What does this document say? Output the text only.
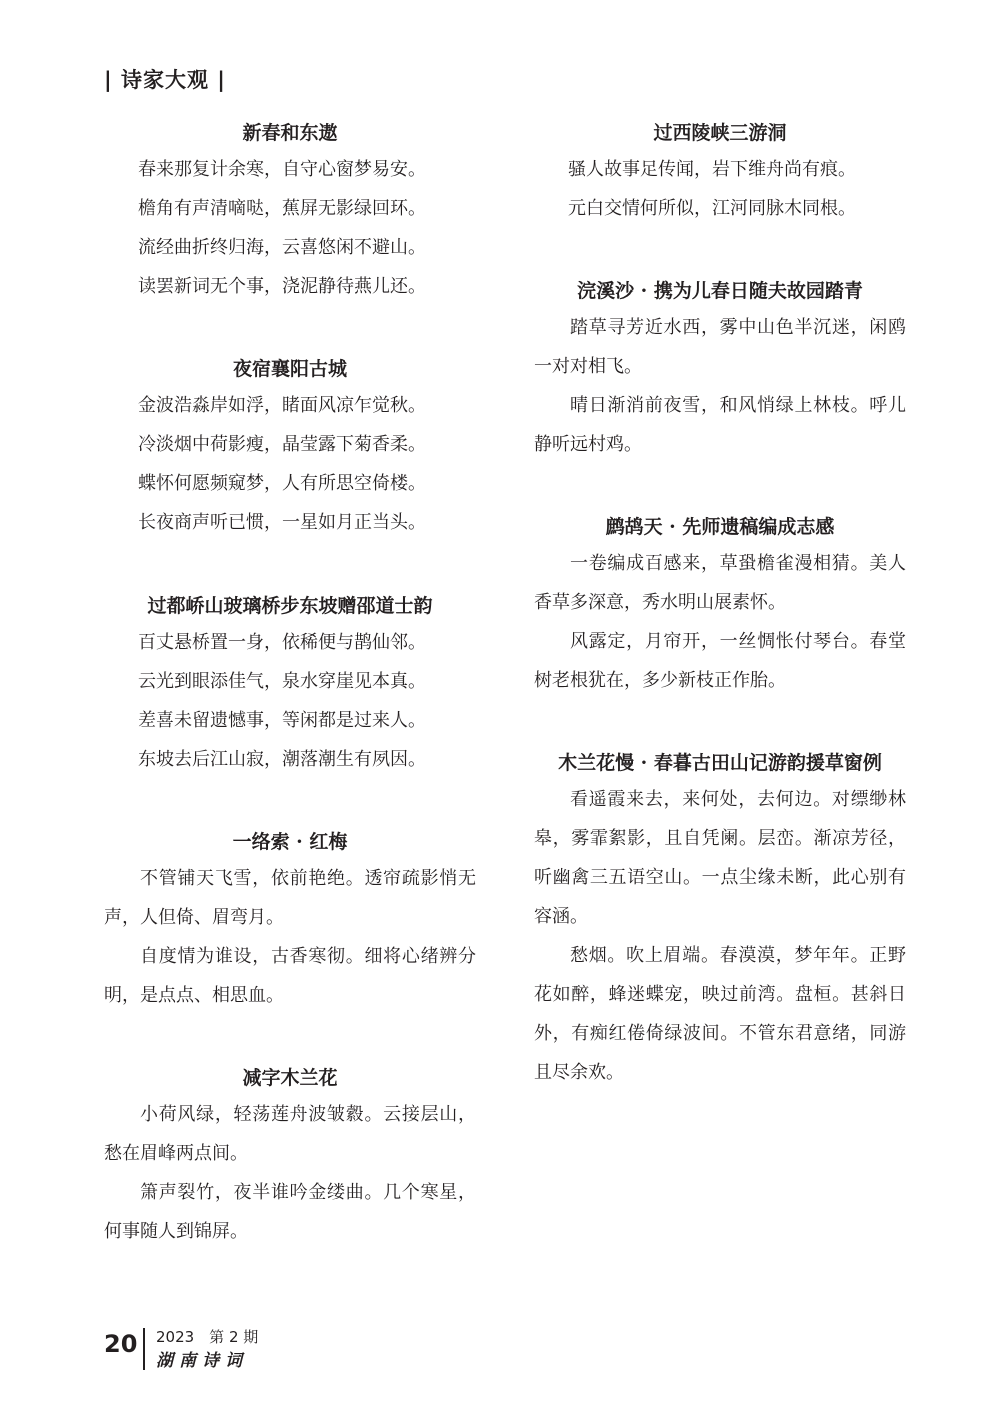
| 诗家大观 |
新春和东遨
春来那复计余寒，自守心窗梦易安。
檐角有声清嘀哒，蕉屏无影绿回环。
流经曲折终归海，云喜悠闲不避山。
读罢新词无个事，浇泥静待燕儿还。
夜宿襄阳古城
金波浩淼岸如浮，睹面风凉乍觉秋。
冷淡烟中荷影瘦，晶莹露下菊香柔。
蝶怀何愿频窥梦，人有所思空倚楼。
长夜商声听已惯，一星如月正当头。
过都峤山玻璃桥步东坡赠邵道士韵
百丈悬桥置一身，依稀便与鹊仙邻。
云光到眼添佳气，泉水穿崖见本真。
差喜未留遗憾事，等闲都是过来人。
东坡去后江山寂，潮落潮生有夙因。
一络索 · 红梅

不管铺天飞雪，依前艳绝。透帘疏影悄无声，人但倚、眉弯月。

自度情为谁设，古香寒彻。细将心绪辨分明，是点点、相思血。

减字木兰花

小荷风绿，轻荡莲舟波皱縠。云接层山，愁在眉峰两点间。

箫声裂竹，夜半谁吟金缕曲。几个寒星，何事随人到锦屏。

过西陵峡三游洞
骚人故事足传闻，岩下维舟尚有痕。
元白交情何所似，江河同脉木同根。
浣溪沙 · 携为儿春日随夫故园踏青

踏草寻芳近水西，雾中山色半沉迷，闲鸥一对对相飞。

晴日渐消前夜雪，和风悄绿上林枝。呼儿静听远村鸡。

鹧鸪天 · 先师遗稿编成志感

一卷编成百感来，草蛩檐雀漫相猜。美人香草多深意，秀水明山展素怀。

风露定，月帘开，一丝惆怅付琴台。春堂树老根犹在，多少新枝正作胎。

木兰花慢 · 春暮古田山记游韵援草窗例

看遥霞来去，来何处，去何边。对缥缈林皋，雾霏絮影，且自凭阑。层峦。渐凉芳径，听幽禽三五语空山。一点尘缘未断，此心别有容涵。

愁烟。吹上眉端。春漠漠，梦年年。正野花如醉，蜂迷蝶宠，映过前湾。盘桓。甚斜日外，有痴红倦倚绿波间。不管东君意绪，同游且尽余欢。

20 2023　第 2 期
湖南诗词
